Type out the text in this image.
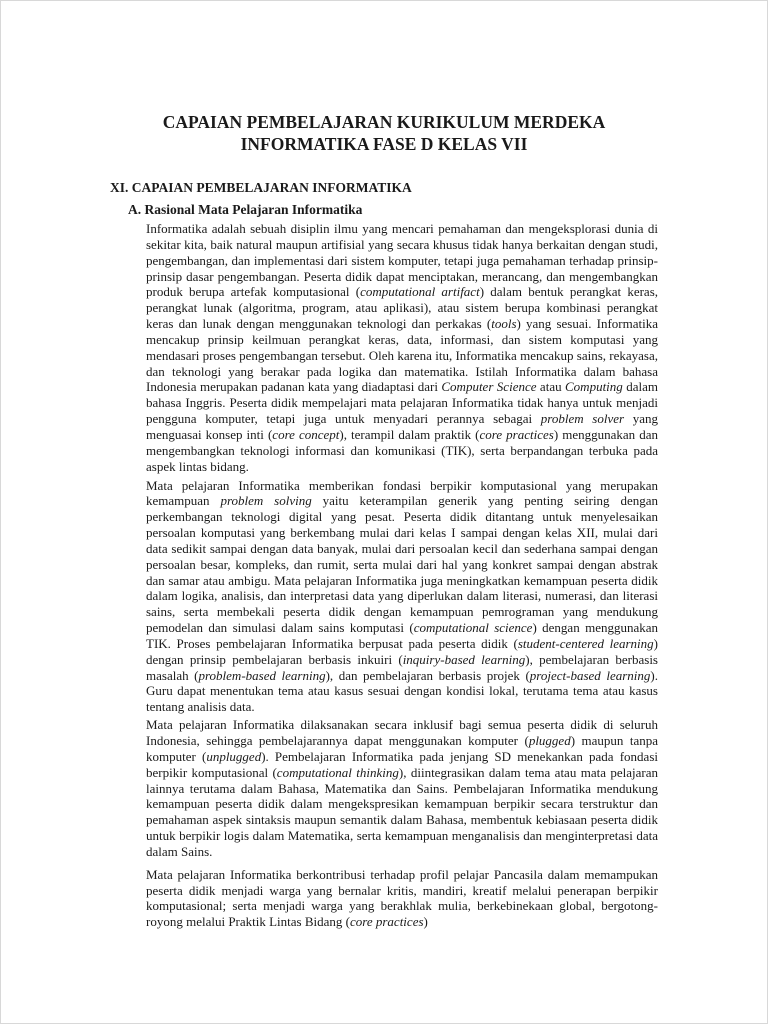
CAPAIAN PEMBELAJARAN KURIKULUM MERDEKA
INFORMATIKA FASE D KELAS VII
XI. CAPAIAN PEMBELAJARAN INFORMATIKA
A. Rasional Mata Pelajaran Informatika

Informatika adalah sebuah disiplin ilmu yang mencari pemahaman dan mengeksplorasi dunia di sekitar kita, baik natural maupun artifisial yang secara khusus tidak hanya berkaitan dengan studi, pengembangan, dan implementasi dari sistem komputer, tetapi juga pemahaman terhadap prinsip-prinsip dasar pengembangan. Peserta didik dapat menciptakan, merancang, dan mengembangkan produk berupa artefak komputasional (computational artifact) dalam bentuk perangkat keras, perangkat lunak (algoritma, program, atau aplikasi), atau sistem berupa kombinasi perangkat keras dan lunak dengan menggunakan teknologi dan perkakas (tools) yang sesuai. Informatika mencakup prinsip keilmuan perangkat keras, data, informasi, dan sistem komputasi yang mendasari proses pengembangan tersebut. Oleh karena itu, Informatika mencakup sains, rekayasa, dan teknologi yang berakar pada logika dan matematika. Istilah Informatika dalam bahasa Indonesia merupakan padanan kata yang diadaptasi dari Computer Science atau Computing dalam bahasa Inggris. Peserta didik mempelajari mata pelajaran Informatika tidak hanya untuk menjadi pengguna komputer, tetapi juga untuk menyadari perannya sebagai problem solver yang menguasai konsep inti (core concept), terampil dalam praktik (core practices) menggunakan dan mengembangkan teknologi informasi dan komunikasi (TIK), serta berpandangan terbuka pada aspek lintas bidang.

Mata pelajaran Informatika memberikan fondasi berpikir komputasional yang merupakan kemampuan problem solving yaitu keterampilan generik yang penting seiring dengan perkembangan teknologi digital yang pesat. Peserta didik ditantang untuk menyelesaikan persoalan komputasi yang berkembang mulai dari kelas I sampai dengan kelas XII, mulai dari data sedikit sampai dengan data banyak, mulai dari persoalan kecil dan sederhana sampai dengan persoalan besar, kompleks, dan rumit, serta mulai dari hal yang konkret sampai dengan abstrak dan samar atau ambigu. Mata pelajaran Informatika juga meningkatkan kemampuan peserta didik dalam logika, analisis, dan interpretasi data yang diperlukan dalam literasi, numerasi, dan literasi sains, serta membekali peserta didik dengan kemampuan pemrograman yang mendukung pemodelan dan simulasi dalam sains komputasi (computational science) dengan menggunakan TIK. Proses pembelajaran Informatika berpusat pada peserta didik (student-centered learning) dengan prinsip pembelajaran berbasis inkuiri (inquiry-based learning), pembelajaran berbasis masalah (problem-based learning), dan pembelajaran berbasis projek (project-based learning). Guru dapat menentukan tema atau kasus sesuai dengan kondisi lokal, terutama tema atau kasus tentang analisis data.

Mata pelajaran Informatika dilaksanakan secara inklusif bagi semua peserta didik di seluruh Indonesia, sehingga pembelajarannya dapat menggunakan komputer (plugged) maupun tanpa komputer (unplugged). Pembelajaran Informatika pada jenjang SD menekankan pada fondasi berpikir komputasional (computational thinking), diintegrasikan dalam tema atau mata pelajaran lainnya terutama dalam Bahasa, Matematika dan Sains. Pembelajaran Informatika mendukung kemampuan peserta didik dalam mengekspresikan kemampuan berpikir secara terstruktur dan pemahaman aspek sintaksis maupun semantik dalam Bahasa, membentuk kebiasaan peserta didik untuk berpikir logis dalam Matematika, serta kemampuan menganalisis dan menginterpretasi data dalam Sains.

Mata pelajaran Informatika berkontribusi terhadap profil pelajar Pancasila dalam memampukan peserta didik menjadi warga yang bernalar kritis, mandiri, kreatif melalui penerapan berpikir komputasional; serta menjadi warga yang berakhlak mulia, berkebinekaan global, bergotong-royong melalui Praktik Lintas Bidang (core practices)
